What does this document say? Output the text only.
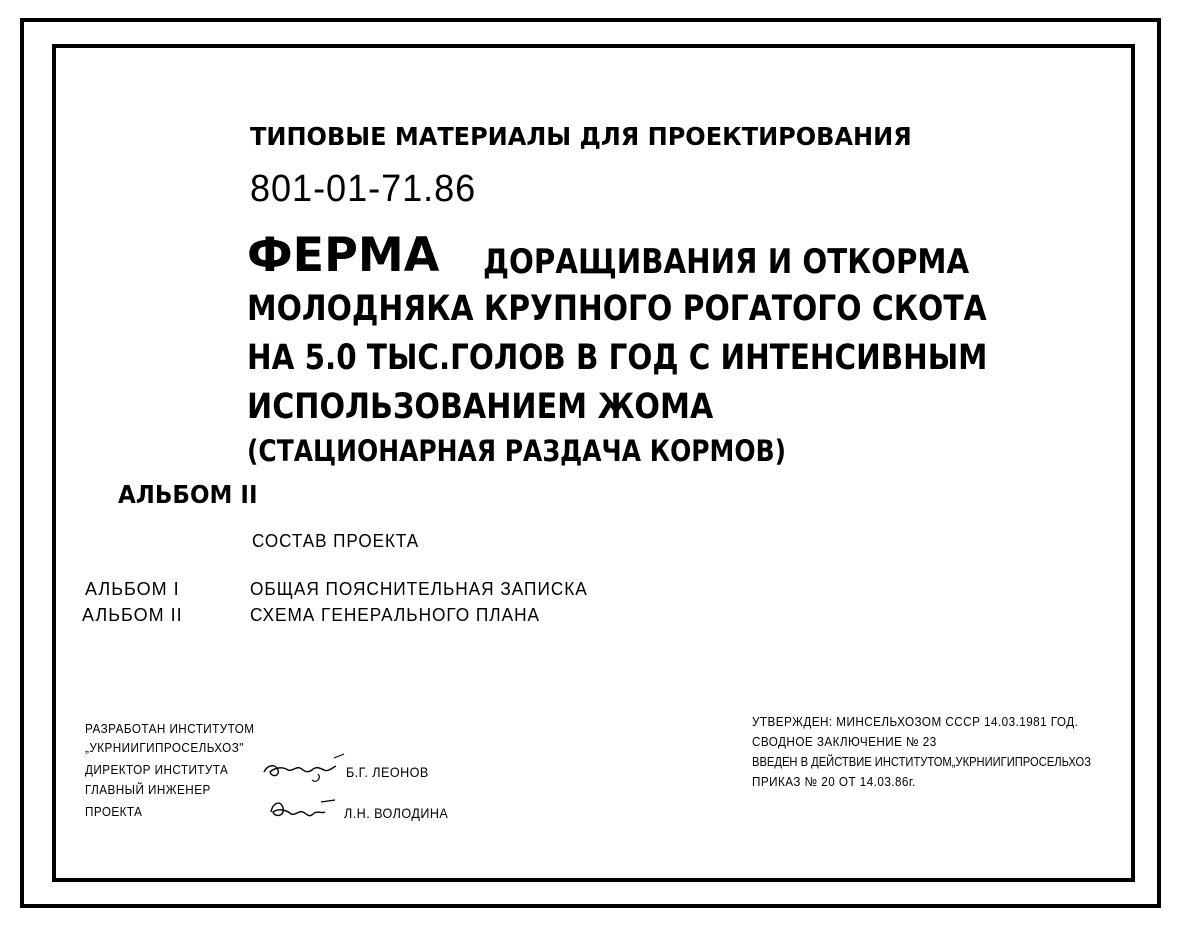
ТИПОВЫЕ МАТЕРИАЛЫ ДЛЯ ПРОЕКТИРОВАНИЯ
801-01-71.86
ФЕРМА ДОРАЩИВАНИЯ И ОТКОРМА
МОЛОДНЯКА КРУПНОГО РОГАТОГО СКОТА
НА 5.0 ТЫС.ГОЛОВ В ГОД С ИНТЕНСИВНЫМ
ИСПОЛЬЗОВАНИЕМ ЖОМА
(СТАЦИОНАРНАЯ РАЗДАЧА КОРМОВ)
АЛЬБОМ II
СОСТАВ ПРОЕКТА
АЛЬБОМ I	ОБЩАЯ ПОЯСНИТЕЛЬНАЯ ЗАПИСКА
АЛЬБОМ II	СХЕМА ГЕНЕРАЛЬНОГО ПЛАНА
РАЗРАБОТАН ИНСТИТУТОМ
„УКРНИИГИПРОСЕЛЬХОЗ"
ДИРЕКТОР ИНСТИТУТА
ГЛАВНЫЙ ИНЖЕНЕР
ПРОЕКТА
Б.Г. ЛЕОНОВ
Л.Н. ВОЛОДИНА
УТВЕРЖДЕН: МИНСЕЛЬХОЗОМ СССР 14.03.1981 ГОД.
СВОДНОЕ ЗАКЛЮЧЕНИЕ № 23
ВВЕДЕН В ДЕЙСТВИЕ ИНСТИТУТОМ„УКРНИИГИПРОСЕЛЬХОЗ
ПРИКАЗ № 20 ОТ 14.03.86г.
